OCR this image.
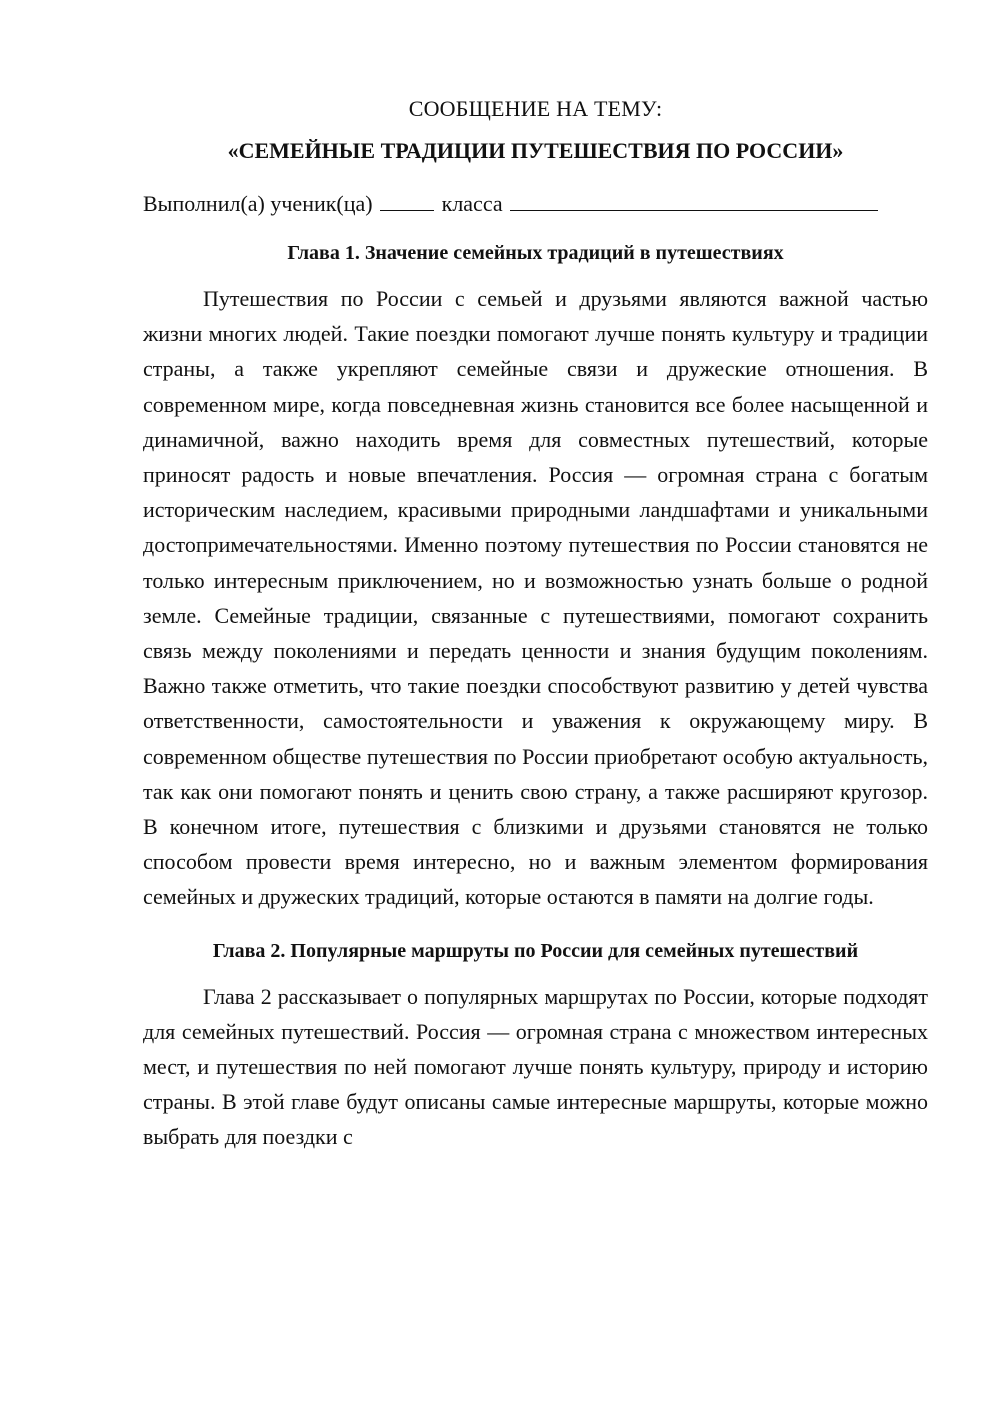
СООБЩЕНИЕ НА ТЕМУ:
«СЕМЕЙНЫЕ ТРАДИЦИИ ПУТЕШЕСТВИЯ ПО РОССИИ»
Выполнил(а) ученик(ца)	класса
Глава 1. Значение семейных традиций в путешествиях

Путешествия по России с семьей и друзьями являются важной частью жизни многих людей. Такие поездки помогают лучше понять культуру и традиции страны, а также укрепляют семейные связи и дружеские отношения. В современном мире, когда повседневная жизнь становится все более насыщенной и динамичной, важно находить время для совместных путешествий, которые приносят радость и новые впечатления. Россия — огромная страна с богатым историческим наследием, красивыми природными ландшафтами и уникальными достопримечательностями. Именно поэтому путешествия по России становятся не только интересным приключением, но и возможностью узнать больше о родной земле. Семейные традиции, связанные с путешествиями, помогают сохранить связь между поколениями и передать ценности и знания будущим поколениям. Важно также отметить, что такие поездки способствуют развитию у детей чувства ответственности, самостоятельности и уважения к окружающему миру. В современном обществе путешествия по России приобретают особую актуальность, так как они помогают понять и ценить свою страну, а также расширяют кругозор. В конечном итоге, путешествия с близкими и друзьями становятся не только способом провести время интересно, но и важным элементом формирования семейных и дружеских традиций, которые остаются в памяти на долгие годы.

Глава 2. Популярные маршруты по России для семейных путешествий

Глава 2 рассказывает о популярных маршрутах по России, которые подходят для семейных путешествий. Россия — огромная страна с множеством интересных мест, и путешествия по ней помогают лучше понять культуру, природу и историю страны. В этой главе будут описаны самые интересные маршруты, которые можно выбрать для поездки с
